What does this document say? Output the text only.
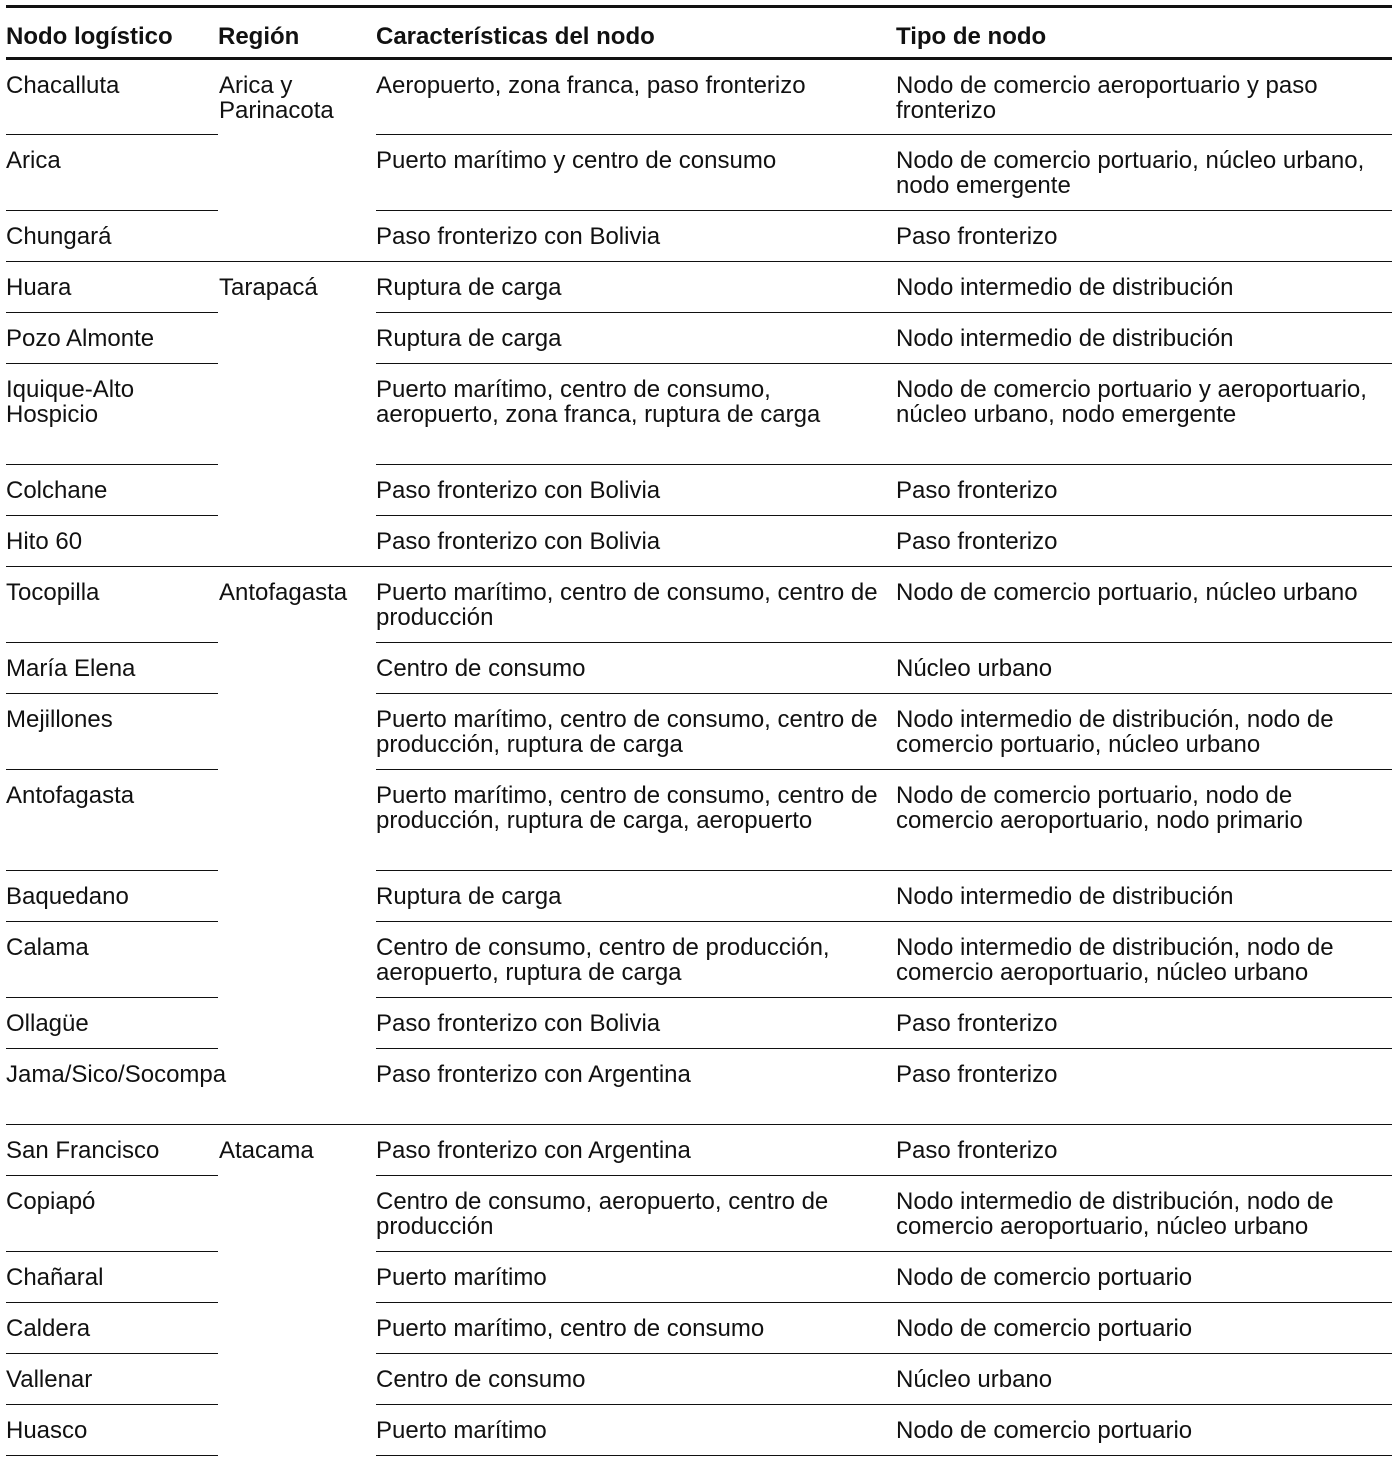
Nodo logístico	Región	Características del nodo	Tipo de nodo
Chacalluta	Arica y Parinacota	Aeropuerto, zona franca, paso fronterizo	Nodo de comercio aeroportuario y paso fronterizo
Arica		Puerto marítimo y centro de consumo	Nodo de comercio portuario, núcleo urbano, nodo emergente
Chungará		Paso fronterizo con Bolivia	Paso fronterizo
Huara	Tarapacá	Ruptura de carga	Nodo intermedio de distribución
Pozo Almonte		Ruptura de carga	Nodo intermedio de distribución
Iquique-Alto Hospicio		Puerto marítimo, centro de consumo, aeropuerto, zona franca, ruptura de carga	Nodo de comercio portuario y aeroportuario, núcleo urbano, nodo emergente
Colchane		Paso fronterizo con Bolivia	Paso fronterizo
Hito 60		Paso fronterizo con Bolivia	Paso fronterizo
Tocopilla	Antofagasta	Puerto marítimo, centro de consumo, centro de producción	Nodo de comercio portuario, núcleo urbano
María Elena		Centro de consumo	Núcleo urbano
Mejillones		Puerto marítimo, centro de consumo, centro de producción, ruptura de carga	Nodo intermedio de distribución, nodo de comercio portuario, núcleo urbano
Antofagasta		Puerto marítimo, centro de consumo, centro de producción, ruptura de carga, aeropuerto	Nodo de comercio portuario, nodo de comercio aeroportuario, nodo primario
Baquedano		Ruptura de carga	Nodo intermedio de distribución
Calama		Centro de consumo, centro de producción, aeropuerto, ruptura de carga	Nodo intermedio de distribución, nodo de comercio aeroportuario, núcleo urbano
Ollagüe		Paso fronterizo con Bolivia	Paso fronterizo
Jama/Sico/Socompa		Paso fronterizo con Argentina	Paso fronterizo
San Francisco	Atacama	Paso fronterizo con Argentina	Paso fronterizo
Copiapó		Centro de consumo, aeropuerto, centro de producción	Nodo intermedio de distribución, nodo de comercio aeroportuario, núcleo urbano
Chañaral		Puerto marítimo	Nodo de comercio portuario
Caldera		Puerto marítimo, centro de consumo	Nodo de comercio portuario
Vallenar		Centro de consumo	Núcleo urbano
Huasco		Puerto marítimo	Nodo de comercio portuario
